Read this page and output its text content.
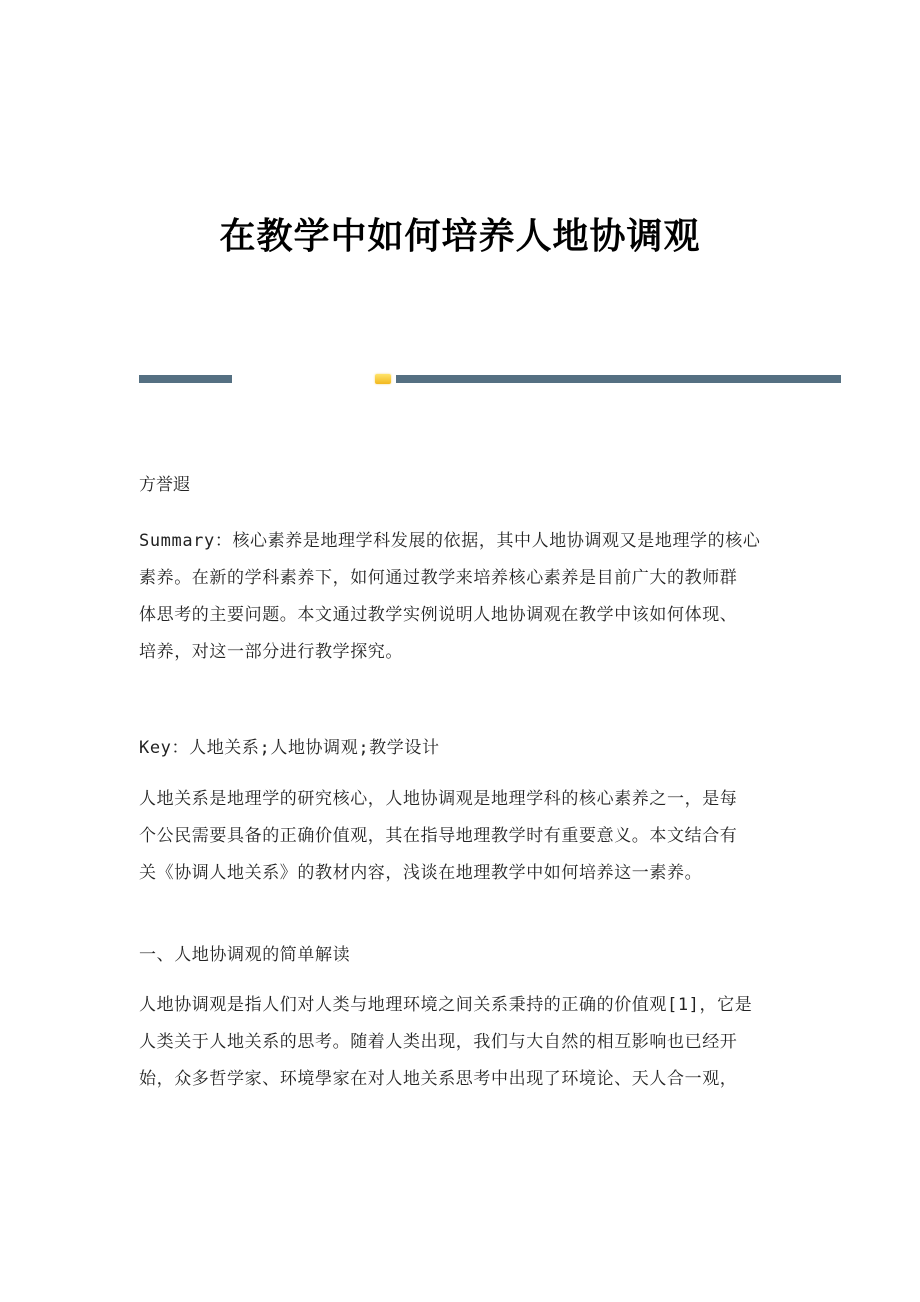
在教学中如何培养人地协调观
方誉遐
Summary：核心素养是地理学科发展的依据，其中人地协调观又是地理学的核心
素养。在新的学科素养下，如何通过教学来培养核心素养是目前广大的教师群
体思考的主要问题。本文通过教学实例说明人地协调观在教学中该如何体现、
培养，对这一部分进行教学探究。
Key：人地关系;人地协调观;教学设计
人地关系是地理学的研究核心，人地协调观是地理学科的核心素养之一，是每
个公民需要具备的正确价值观，其在指导地理教学时有重要意义。本文结合有
关《协调人地关系》的教材内容，浅谈在地理教学中如何培养这一素养。
一、人地协调观的简单解读
人地协调观是指人们对人类与地理环境之间关系秉持的正确的价值观[1]，它是
人类关于人地关系的思考。随着人类出现，我们与大自然的相互影响也已经开
始，众多哲学家、环境學家在对人地关系思考中出现了环境论、天人合一观，
